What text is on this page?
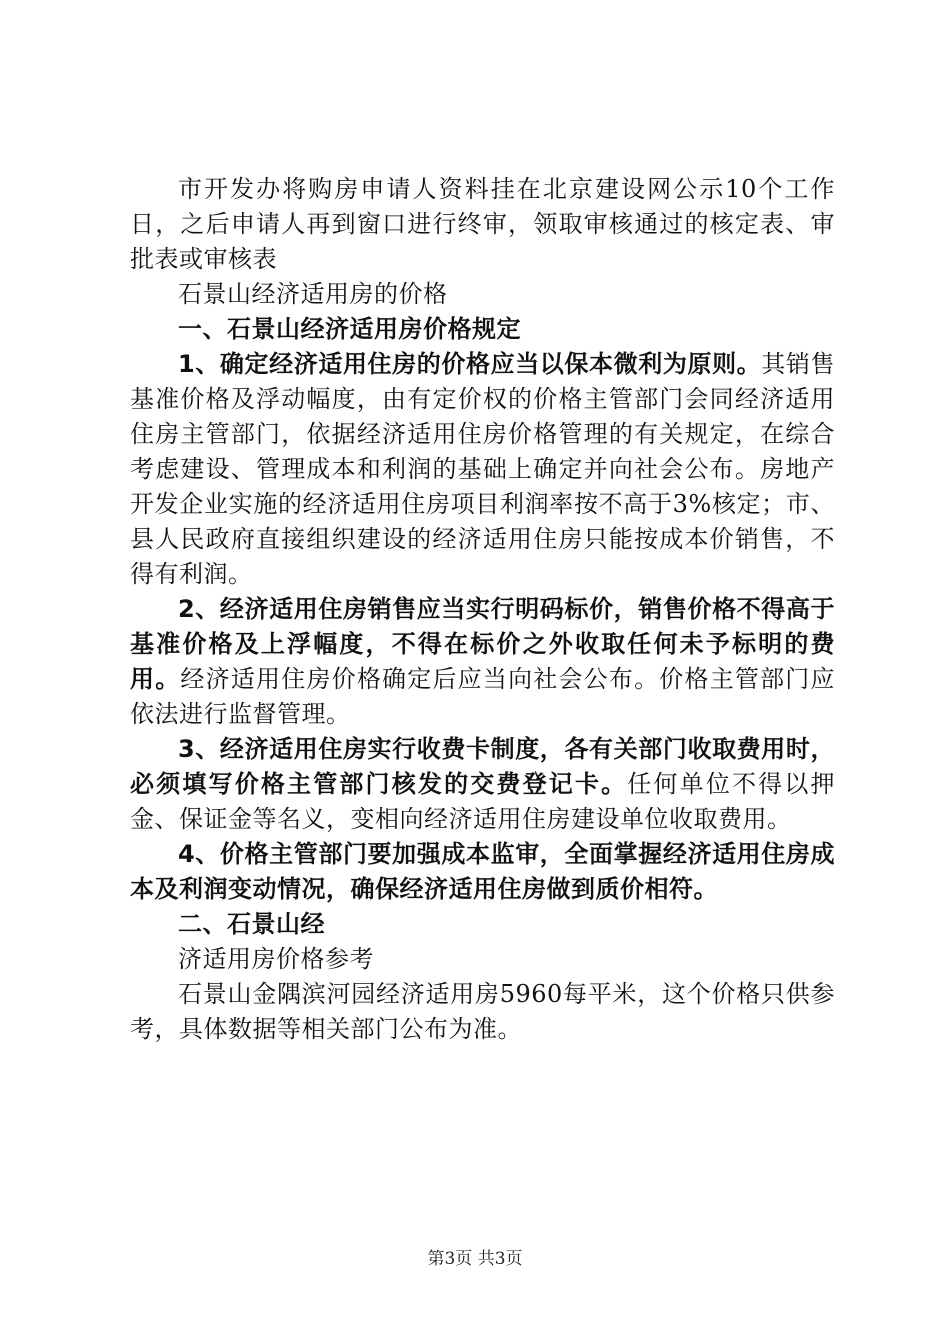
市开发办将购房申请人资料挂在北京建设网公示10个工作日，之后申请人再到窗口进行终审，领取审核通过的核定表、审批表或审核表

石景山经济适用房的价格

一、石景山经济适用房价格规定

1、确定经济适用住房的价格应当以保本微利为原则。其销售基准价格及浮动幅度，由有定价权的价格主管部门会同经济适用住房主管部门，依据经济适用住房价格管理的有关规定，在综合考虑建设、管理成本和利润的基础上确定并向社会公布。房地产开发企业实施的经济适用住房项目利润率按不高于3%核定；市、县人民政府直接组织建设的经济适用住房只能按成本价销售，不得有利润。

2、经济适用住房销售应当实行明码标价，销售价格不得高于基准价格及上浮幅度，不得在标价之外收取任何未予标明的费用。经济适用住房价格确定后应当向社会公布。价格主管部门应依法进行监督管理。

3、经济适用住房实行收费卡制度，各有关部门收取费用时，必须填写价格主管部门核发的交费登记卡。任何单位不得以押金、保证金等名义，变相向经济适用住房建设单位收取费用。

4、价格主管部门要加强成本监审，全面掌握经济适用住房成本及利润变动情况，确保经济适用住房做到质价相符。

二、石景山经

济适用房价格参考

石景山金隅滨河园经济适用房5960每平米，这个价格只供参考，具体数据等相关部门公布为准。

第3页 共3页
